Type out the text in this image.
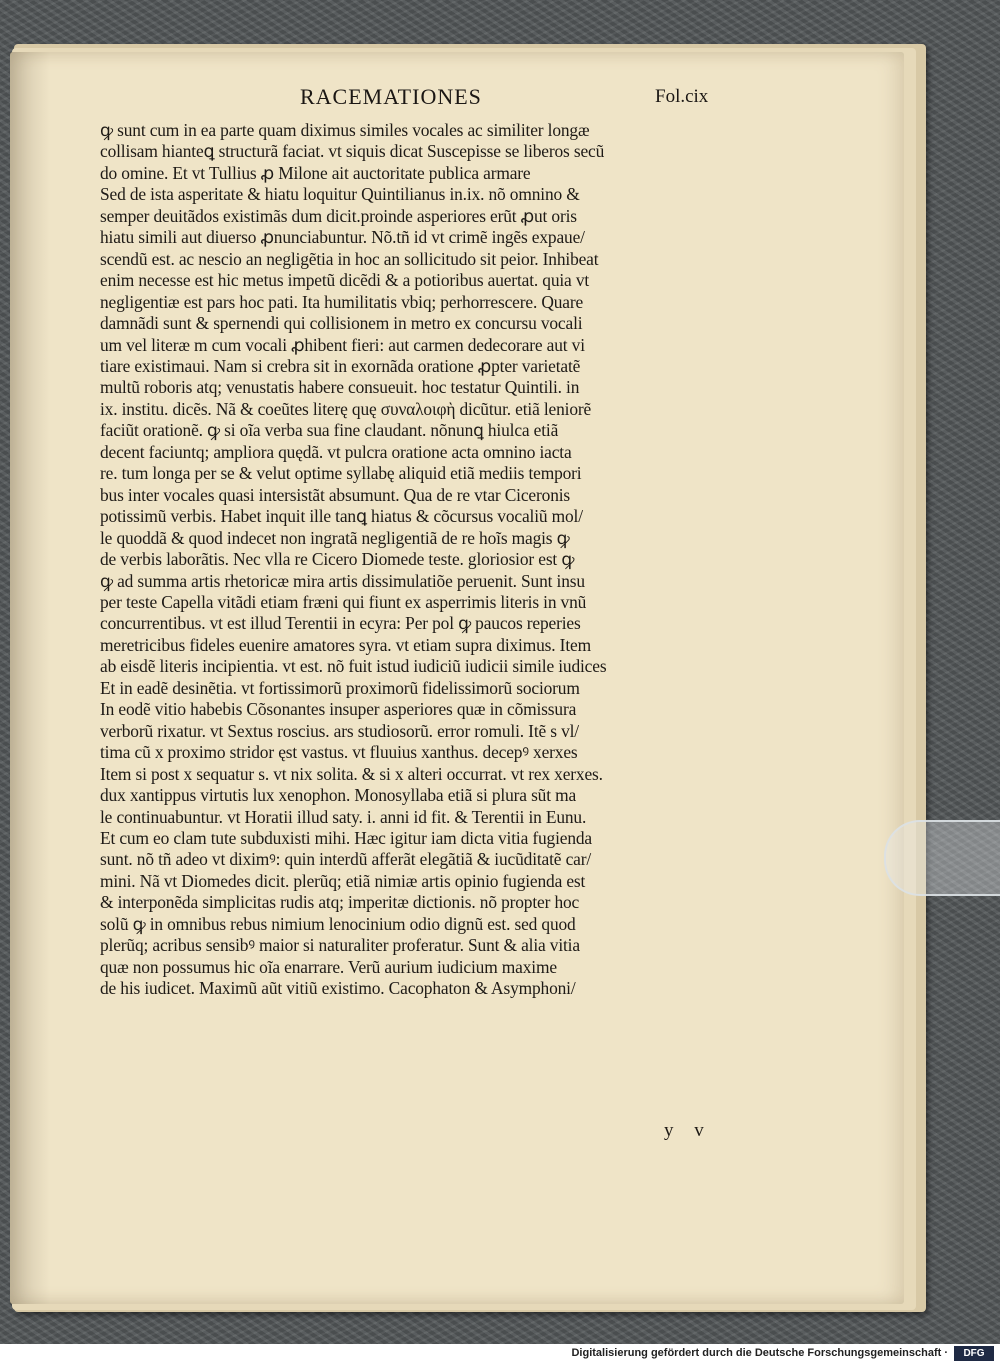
RACEMATIONES	Fol.cix
ꝙ sunt cum in ea parte quam diximus similes vocales ac similiter longæ
collisam hianteꝗ structurã faciat. vt siquis dicat Suscepisse se liberos secũ
do omine. Et vt Tullius ꝓ Milone ait auctoritate publica armare
Sed de ista asperitate & hiatu loquitur Quintilianus in.ix. nõ omnino &
semper deuitãdos existimãs dum dicit.proinde asperiores erũt ꝓut oris
hiatu simili aut diuerso ꝓnunciabuntur. Nõ.tñ id vt crimẽ ingẽs expaue/
scendũ est. ac nescio an negligẽtia in hoc an sollicitudo sit peior. Inhibeat
enim necesse est hic metus impetũ dicẽdi & a potioribus auertat. quia vt
negligentiæ est pars hoc pati. Ita humilitatis vbiq; perhorrescere. Quare
damnãdi sunt & spernendi qui collisionem in metro ex concursu vocali
um vel literæ m cum vocali ꝓhibent fieri: aut carmen dedecorare aut vi
tiare existimaui. Nam si crebra sit in exornãda oratione ꝓpter varietatẽ
multũ roboris atq; venustatis habere consueuit. hoc testatur Quintili. in
ix. institu. dicẽs. Nã & coeũtes literę quę συναλοιφὴ dicũtur. etiã leniorẽ
faciũt orationẽ. ꝙ si oĩa verba sua fine claudant. nõnunꝗ hiulca etiã
decent faciuntq; ampliora quędã. vt pulcra oratione acta omnino iacta
re. tum longa per se & velut optime syllabę aliquid etiã mediis tempori
bus inter vocales quasi intersistãt absumunt. Qua de re vtar Ciceronis
potissimũ verbis. Habet inquit ille tanꝗ hiatus & cõcursus vocaliũ mol/
le quoddã & quod indecet non ingratã negligentiã de re hoĩs magis ꝙ
de verbis laborãtis. Nec vlla re Cicero Diomede teste. gloriosior est ꝙ
ꝙ ad summa artis rhetoricæ mira artis dissimulatiõe peruenit. Sunt insu
per teste Capella vitãdi etiam fræni qui fiunt ex asperrimis literis in vnũ
concurrentibus. vt est illud Terentii in ecyra: Per pol ꝙ paucos reperies
meretricibus fideles euenire amatores syra. vt etiam supra diximus. Item
ab eisdẽ literis incipientia. vt est. nõ fuit istud iudiciũ iudicii simile iudices
Et in eadẽ desinẽtia. vt fortissimorũ proximorũ fidelissimorũ sociorum
In eodẽ vitio habebis Cõsonantes insuper asperiores quæ in cõmissura
verborũ rixatur. vt Sextus roscius. ars studiosorũ. error romuli. Itẽ s vl/
tima cũ x proximo stridor ęst vastus. vt fluuius xanthus. decepꝰ xerxes
Item si post x sequatur s. vt nix solita. & si x alteri occurrat. vt rex xerxes.
dux xantippus virtutis lux xenophon. Monosyllaba etiã si plura sũt ma
le continuabuntur. vt Horatii illud saty. i. anni id fit. & Terentii in Eunu.
Et cum eo clam tute subduxisti mihi. Hæc igitur iam dicta vitia fugienda
sunt. nõ tñ adeo vt diximꝰ: quin interdũ afferãt elegãtiã & iucũditatẽ car/
mini. Nã vt Diomedes dicit. plerũq; etiã nimiæ artis opinio fugienda est
& interponẽda simplicitas rudis atq; imperitæ dictionis. nõ propter hoc
solũ ꝙ in omnibus rebus nimium lenocinium odio dignũ est. sed quod
plerũq; acribus sensibꝰ maior si naturaliter proferatur. Sunt & alia vitia
quæ non possumus hic oĩa enarrare. Verũ aurium iudicium maxime
de his iudicet. Maximũ aũt vitiũ existimo. Cacophaton & Asymphoni/
y v
Digitalisierung gefördert durch die Deutsche Forschungsgemeinschaft ·	DFG
